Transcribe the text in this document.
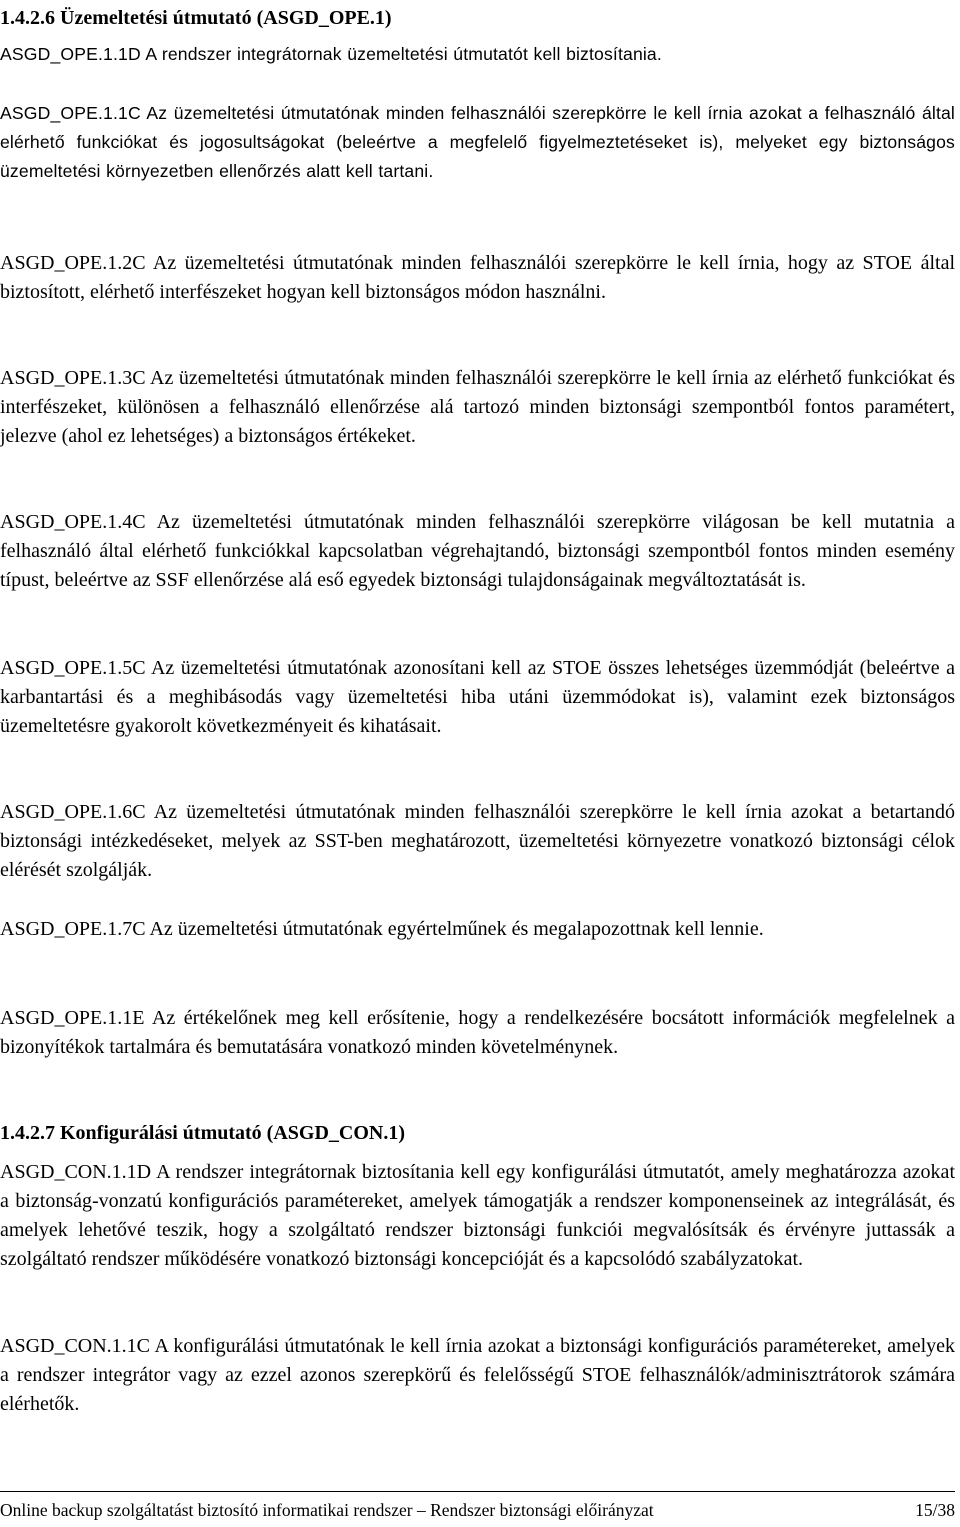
1.4.2.6 Üzemeltetési útmutató (ASGD_OPE.1)

ASGD_OPE.1.1D A rendszer integrátornak üzemeltetési útmutatót kell biztosítania.

ASGD_OPE.1.1C Az üzemeltetési útmutatónak minden felhasználói szerepkörre le kell írnia azokat a felhasználó által elérhető funkciókat és jogosultságokat (beleértve a megfelelő figyelmeztetéseket is), melyeket egy biztonságos üzemeltetési környezetben ellenőrzés alatt kell tartani.

ASGD_OPE.1.2C Az üzemeltetési útmutatónak minden felhasználói szerepkörre le kell írnia, hogy az STOE által biztosított, elérhető interfészeket hogyan kell biztonságos módon használni.

ASGD_OPE.1.3C Az üzemeltetési útmutatónak minden felhasználói szerepkörre le kell írnia az elérhető funkciókat és interfészeket, különösen a felhasználó ellenőrzése alá tartozó minden biztonsági szempontból fontos paramétert, jelezve (ahol ez lehetséges) a biztonságos értékeket.

ASGD_OPE.1.4C Az üzemeltetési útmutatónak minden felhasználói szerepkörre világosan be kell mutatnia a felhasználó által elérhető funkciókkal kapcsolatban végrehajtandó, biztonsági szempontból fontos minden esemény típust, beleértve az SSF ellenőrzése alá eső egyedek biztonsági tulajdonságainak megváltoztatását is.

ASGD_OPE.1.5C Az üzemeltetési útmutatónak azonosítani kell az STOE összes lehetséges üzemmódját (beleértve a karbantartási és a meghibásodás vagy üzemeltetési hiba utáni üzemmódokat is), valamint ezek biztonságos üzemeltetésre gyakorolt következményeit és kihatásait.

ASGD_OPE.1.6C Az üzemeltetési útmutatónak minden felhasználói szerepkörre le kell írnia azokat a betartandó biztonsági intézkedéseket, melyek az SST-ben meghatározott, üzemeltetési környezetre vonatkozó biztonsági célok elérését szolgálják.

ASGD_OPE.1.7C Az üzemeltetési útmutatónak egyértelműnek és megalapozottnak kell lennie.

ASGD_OPE.1.1E Az értékelőnek meg kell erősítenie, hogy a rendelkezésére bocsátott információk megfelelnek a bizonyítékok tartalmára és bemutatására vonatkozó minden követelménynek.

1.4.2.7 Konfigurálási útmutató (ASGD_CON.1)

ASGD_CON.1.1D A rendszer integrátornak biztosítania kell egy konfigurálási útmutatót, amely meghatározza azokat a biztonság-vonzatú konfigurációs paramétereket, amelyek támogatják a rendszer komponenseinek az integrálását, és amelyek lehetővé teszik, hogy a szolgáltató rendszer biztonsági funkciói megvalósítsák és érvényre juttassák a szolgáltató rendszer működésére vonatkozó biztonsági koncepcióját és a kapcsolódó szabályzatokat.

ASGD_CON.1.1C A konfigurálási útmutatónak le kell írnia azokat a biztonsági konfigurációs paramétereket, amelyek a rendszer integrátor vagy az ezzel azonos szerepkörű és felelősségű STOE felhasználók/adminisztrátorok számára elérhetők.

Online backup szolgáltatást biztosító informatikai rendszer – Rendszer biztonsági előirányzat	15/38
